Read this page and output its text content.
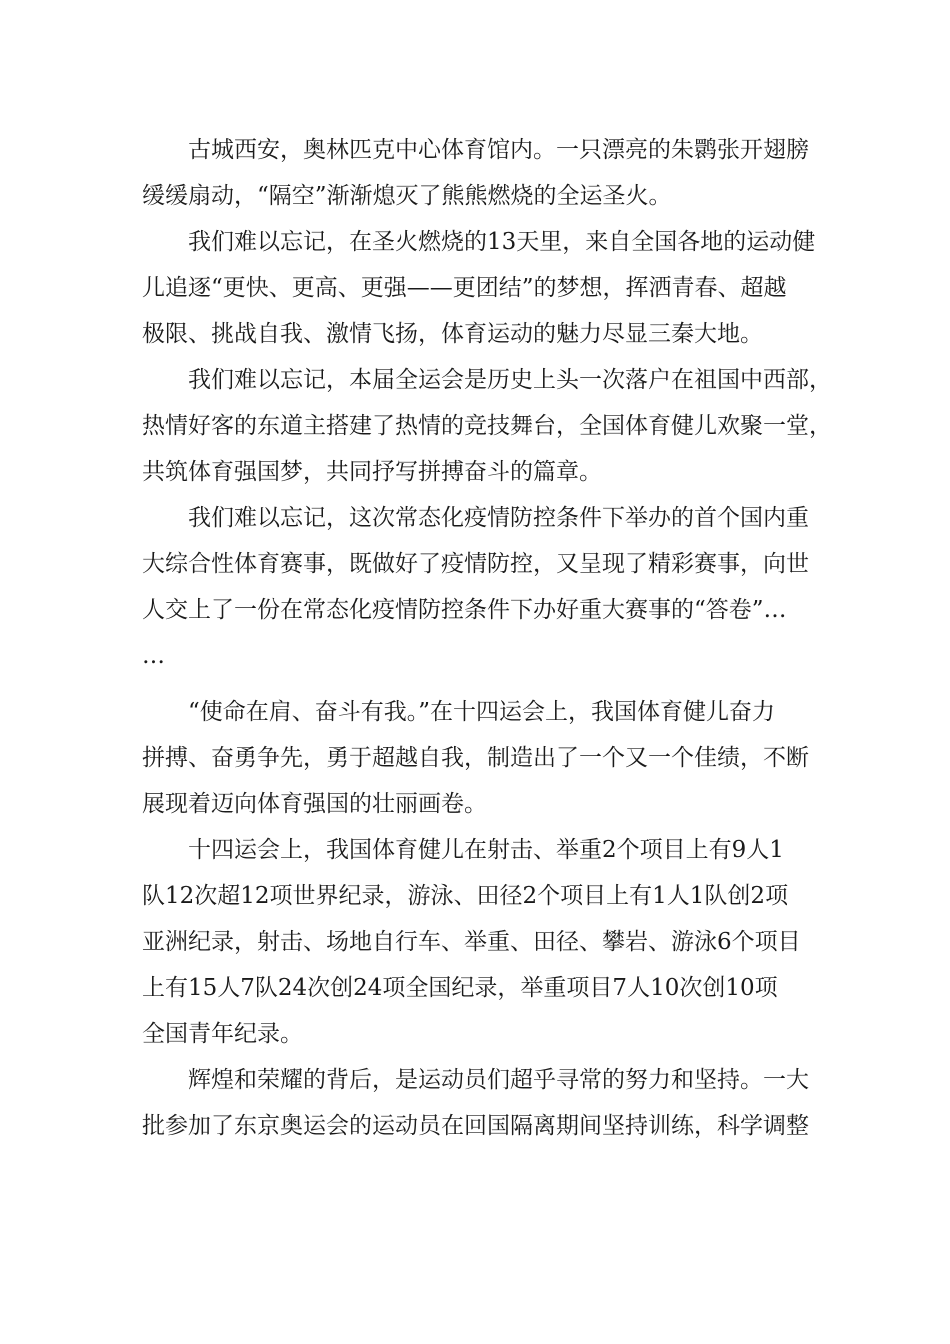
古城西安，奥林匹克中心体育馆内。一只漂亮的朱鹮张开翅膀
缓缓扇动，“隔空”渐渐熄灭了熊熊燃烧的全运圣火。

我们难以忘记，在圣火燃烧的13天里，来自全国各地的运动健
儿追逐“更快、更高、更强——更团结”的梦想，挥洒青春、超越
极限、挑战自我、激情飞扬，体育运动的魅力尽显三秦大地。

我们难以忘记，本届全运会是历史上头一次落户在祖国中西部，
热情好客的东道主搭建了热情的竞技舞台，全国体育健儿欢聚一堂，
共筑体育强国梦，共同抒写拼搏奋斗的篇章。

我们难以忘记，这次常态化疫情防控条件下举办的首个国内重
大综合性体育赛事，既做好了疫情防控，又呈现了精彩赛事，向世
人交上了一份在常态化疫情防控条件下办好重大赛事的“答卷”…
…

“使命在肩、奋斗有我。”在十四运会上，我国体育健儿奋力
拼搏、奋勇争先，勇于超越自我，制造出了一个又一个佳绩，不断
展现着迈向体育强国的壮丽画卷。

十四运会上，我国体育健儿在射击、举重2个项目上有9人1
队12次超12项世界纪录，游泳、田径2个项目上有1人1队创2项
亚洲纪录，射击、场地自行车、举重、田径、攀岩、游泳6个项目
上有15人7队24次创24项全国纪录，举重项目7人10次创10项
全国青年纪录。

辉煌和荣耀的背后，是运动员们超乎寻常的努力和坚持。一大
批参加了东京奥运会的运动员在回国隔离期间坚持训练，科学调整
